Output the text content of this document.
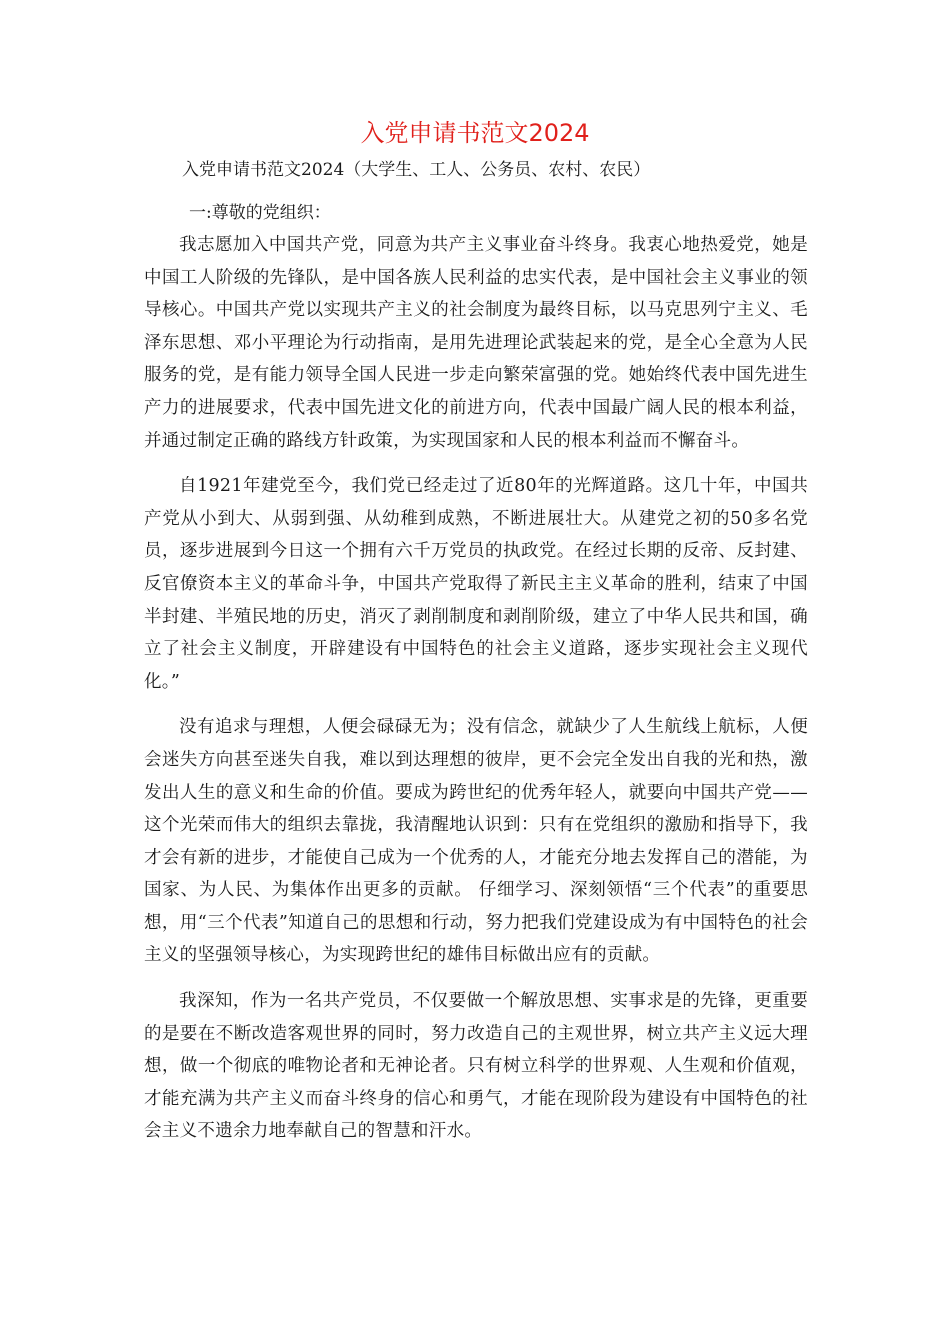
入党申请书范文2024

入党申请书范文2024（大学生、工人、公务员、农村、农民）

一:尊敬的党组织：

我志愿加入中国共产党，同意为共产主义事业奋斗终身。我衷心地热爱党，她是中国工人阶级的先锋队，是中国各族人民利益的忠实代表，是中国社会主义事业的领导核心。中国共产党以实现共产主义的社会制度为最终目标，以马克思列宁主义、毛泽东思想、邓小平理论为行动指南，是用先进理论武装起来的党，是全心全意为人民服务的党，是有能力领导全国人民进一步走向繁荣富强的党。她始终代表中国先进生产力的进展要求，代表中国先进文化的前进方向，代表中国最广阔人民的根本利益，并通过制定正确的路线方针政策，为实现国家和人民的根本利益而不懈奋斗。

自1921年建党至今，我们党已经走过了近80年的光辉道路。这几十年，中国共产党从小到大、从弱到强、从幼稚到成熟，不断进展壮大。从建党之初的50多名党员，逐步进展到今日这一个拥有六千万党员的执政党。在经过长期的反帝、反封建、反官僚资本主义的革命斗争，中国共产党取得了新民主主义革命的胜利，结束了中国半封建、半殖民地的历史，消灭了剥削制度和剥削阶级，建立了中华人民共和国，确立了社会主义制度，开辟建设有中国特色的社会主义道路，逐步实现社会主义现代化。”

没有追求与理想，人便会碌碌无为；没有信念，就缺少了人生航线上航标，人便会迷失方向甚至迷失自我，难以到达理想的彼岸，更不会完全发出自我的光和热，激发出人生的意义和生命的价值。要成为跨世纪的优秀年轻人，就要向中国共产党——这个光荣而伟大的组织去靠拢，我清醒地认识到：只有在党组织的激励和指导下，我才会有新的进步，才能使自己成为一个优秀的人，才能充分地去发挥自己的潜能，为国家、为人民、为集体作出更多的贡献。 仔细学习、深刻领悟“三个代表”的重要思想，用“三个代表”知道自己的思想和行动，努力把我们党建设成为有中国特色的社会主义的坚强领导核心，为实现跨世纪的雄伟目标做出应有的贡献。

我深知，作为一名共产党员，不仅要做一个解放思想、实事求是的先锋，更重要的是要在不断改造客观世界的同时，努力改造自己的主观世界，树立共产主义远大理想，做一个彻底的唯物论者和无神论者。只有树立科学的世界观、人生观和价值观，才能充满为共产主义而奋斗终身的信心和勇气，才能在现阶段为建设有中国特色的社会主义不遗余力地奉献自己的智慧和汗水。
